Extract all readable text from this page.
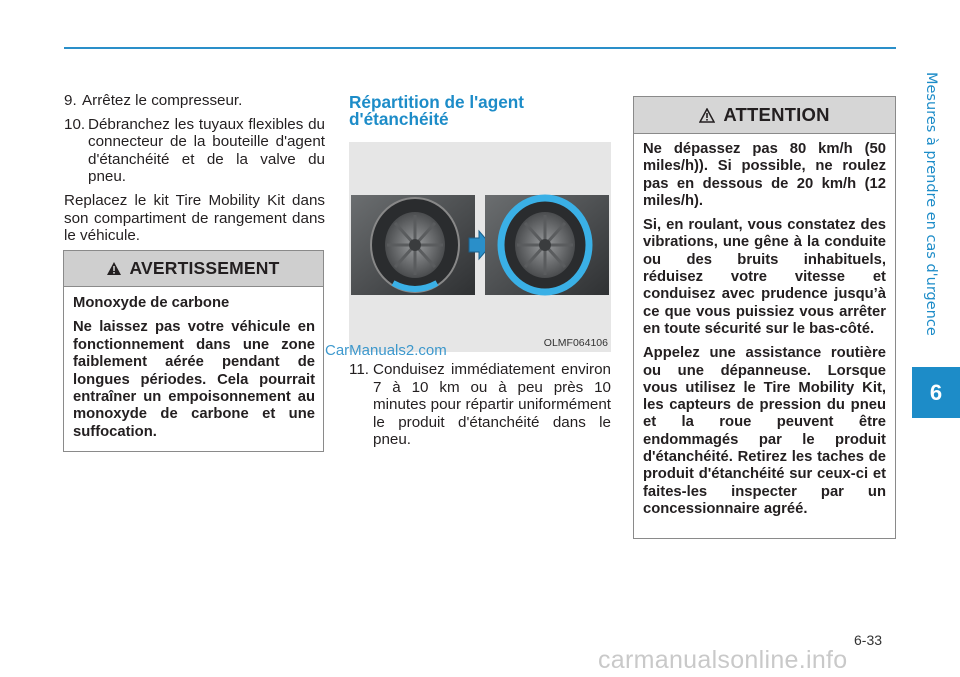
Mesures à prendre en cas d'urgence
6
9. Arrêtez le compresseur.
10. Débranchez les tuyaux flexibles du connecteur de la bouteille d'agent d'étanchéité et de la valve du pneu.

Replacez le kit Tire Mobility Kit dans son compartiment de rangement dans le véhicule.

AVERTISSEMENT

Monoxyde de carbone

Ne laissez pas votre véhicule en fonctionnement dans une zone faiblement aérée pendant de longues périodes. Cela pourrait entraîner un empoisonnement au monoxyde de carbone et une suffocation.

Répartition de l'agent

d'étanchéité

OLMF064106
CarManuals2.com
11. Conduisez immédiatement environ 7 à 10 km ou à peu près 10 minutes pour répartir uniformément le produit d'étanchéité dans le pneu.
ATTENTION

Ne dépassez pas 80 km/h (50 miles/h)). Si possible, ne roulez pas en dessous de 20 km/h (12 miles/h).

Si, en roulant, vous constatez des vibrations, une gêne à la conduite ou des bruits inhabituels, réduisez votre vitesse et conduisez avec prudence jusqu’à ce que vous puissiez vous arrêter en toute sécurité sur le bas-côté.

Appelez une assistance routière ou une dépanneuse. Lorsque vous utilisez le Tire Mobility Kit, les capteurs de pression du pneu et la roue peuvent être endommagés par le produit d'étanchéité. Retirez les taches de produit d'étanchéité sur ceux-ci et faites-les inspecter par un concessionnaire agréé.

6-33
carmanualsonline.info
